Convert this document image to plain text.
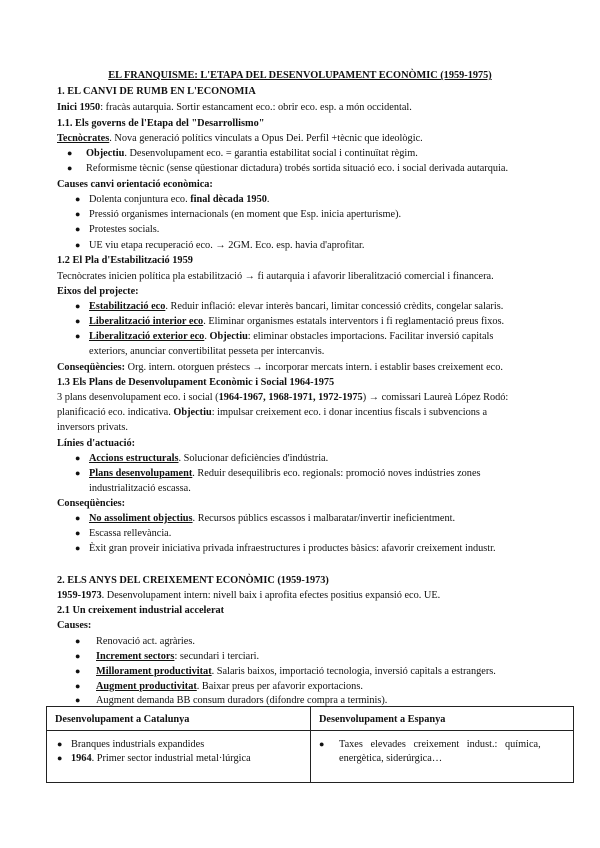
EL FRANQUISME: L'ETAPA DEL DESENVOLUPAMENT ECONÒMIC (1959-1975)
1. EL CANVI DE RUMB EN L'ECONOMIA
Inici 1950: fracàs autarquia. Sortir estancament eco.: obrir eco. esp. a món occidental.
1.1. Els governs de l'Etapa del "Desarrollismo"
Tecnòcrates. Nova generació polítics vinculats a Opus Dei. Perfil +tècnic que ideològic.
● Objectiu. Desenvolupament eco. = garantia estabilitat social i continuïtat règim.
● Reformisme tècnic (sense qüestionar dictadura) trobés sortida situació eco. i social derivada autarquia.
Causes canvi orientació econòmica:
● Dolenta conjuntura eco. final dècada 1950.
● Pressió organismes internacionals (en moment que Esp. inicia aperturisme).
● Protestes socials.
● UE viu etapa recuperació eco. → 2GM. Eco. esp. havia d'aprofitar.
1.2 El Pla d'Estabilització 1959
Tecnòcrates inicien política pla estabilització → fi autarquia i afavorir liberalització comercial i financera.
Eixos del projecte:
● Estabilització eco. Reduir inflació: elevar interès bancari, limitar concessió crèdits, congelar salaris.
● Liberalització interior eco. Eliminar organismes estatals interventors i fi reglamentació preus fixos.
● Liberalització exterior eco. Objectiu: eliminar obstacles importacions. Facilitar inversió capitals
exteriors, anunciar convertibilitat pesseta per intercanvis.
Conseqüències: Org. intern. otorguen préstecs → incorporar mercats intern. i establir bases creixement eco.
1.3 Els Plans de Desenvolupament Econòmic i Social 1964-1975
3 plans desenvolupament eco. i social (1964-1967, 1968-1971, 1972-1975) → comissari Laureà López Rodó:
planificació eco. indicativa. Objectiu: impulsar creixement eco. i donar incentius fiscals i subvencions a
inversors privats.
Línies d'actuació:
● Accions estructurals. Solucionar deficiències d'indústria.
● Plans desenvolupament. Reduir desequilibris eco. regionals: promoció noves indústries zones
industrialització escassa.
Conseqüències:
● No assoliment objectius. Recursos públics escassos i malbaratar/invertir ineficientment.
● Escassa rellevància.
● Èxit gran proveir iniciativa privada infraestructures i productes bàsics: afavorir creixement industr.
2. ELS ANYS DEL CREIXEMENT ECONÒMIC (1959-1973)
1959-1973. Desenvolupament intern: nivell baix i aprofita efectes positius expansió eco. UE.
2.1 Un creixement industrial accelerat
Causes:
● Renovació act. agràries.
● Increment sectors: secundari i terciari.
● Millorament productivitat. Salaris baixos, importació tecnologia, inversió capitals a estrangers.
● Augment productivitat. Baixar preus per afavorir exportacions.
● Augment demanda BB consum duradors (difondre compra a terminis).
Desenvolupament a Catalunya	Desenvolupament a Espanya

● Branques industrials expandides
● 1964. Primer sector industrial metal·lúrgica	● Taxes elevades creixement indust.: química,
energètica, siderúrgica…
